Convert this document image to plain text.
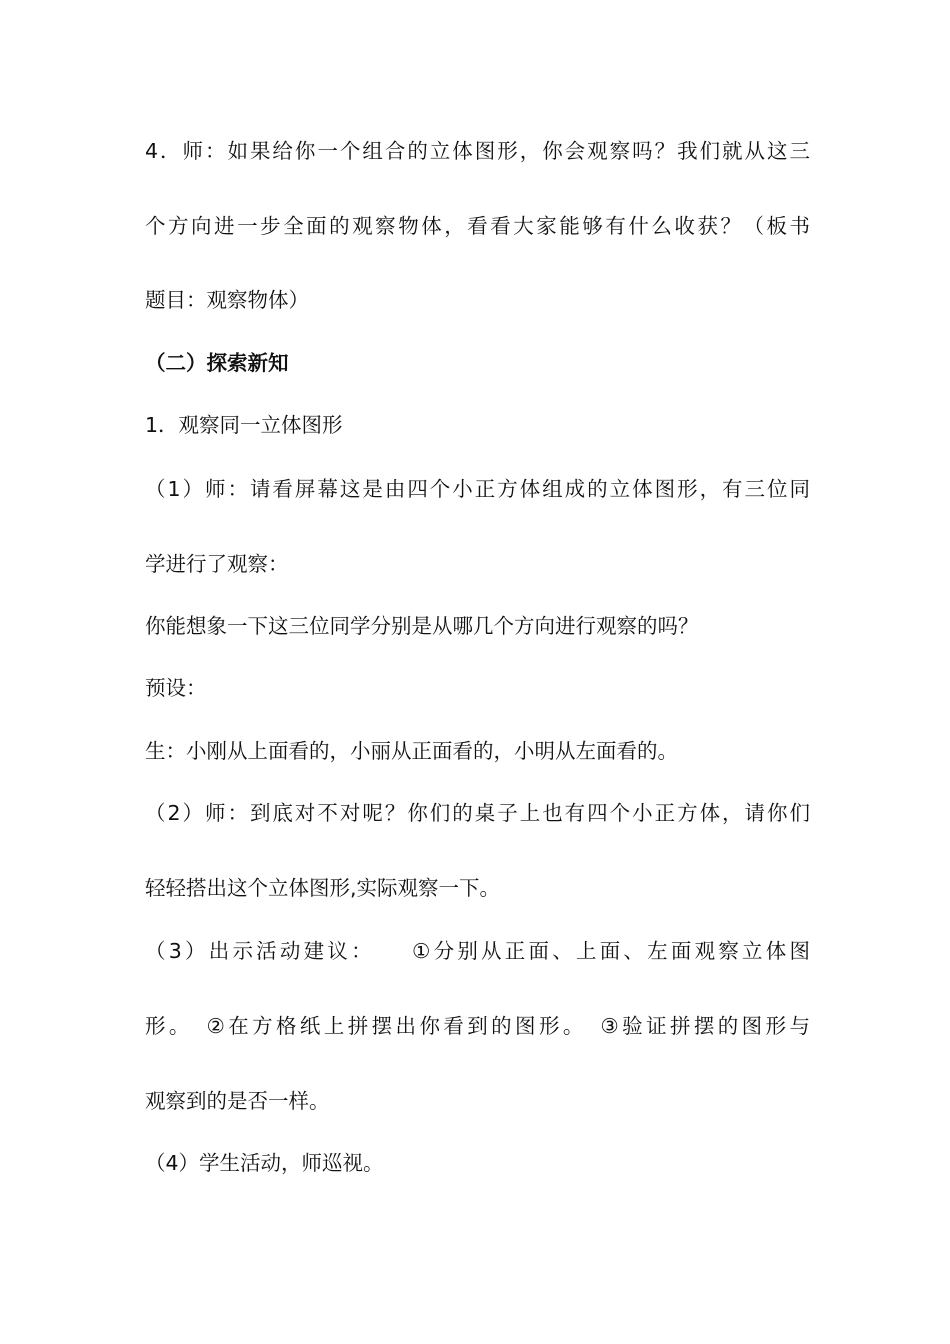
4．师：如果给你一个组合的立体图形，你会观察吗？我们就从这三

个方向进一步全面的观察物体，看看大家能够有什么收获？（板书

题目：观察物体）

（二）探索新知

1．观察同一立体图形

（1）师：请看屏幕这是由四个小正方体组成的立体图形，有三位同

学进行了观察：

你能想象一下这三位同学分别是从哪几个方向进行观察的吗？

预设：

生：小刚从上面看的，小丽从正面看的，小明从左面看的。

（2）师：到底对不对呢？你们的桌子上也有四个小正方体，请你们

轻轻搭出这个立体图形,实际观察一下。

（3）出示活动建议：　　①分别从正面、上面、左面观察立体图

形。　②在方格纸上拼摆出你看到的图形。　③验证拼摆的图形与

观察到的是否一样。

（4）学生活动，师巡视。
